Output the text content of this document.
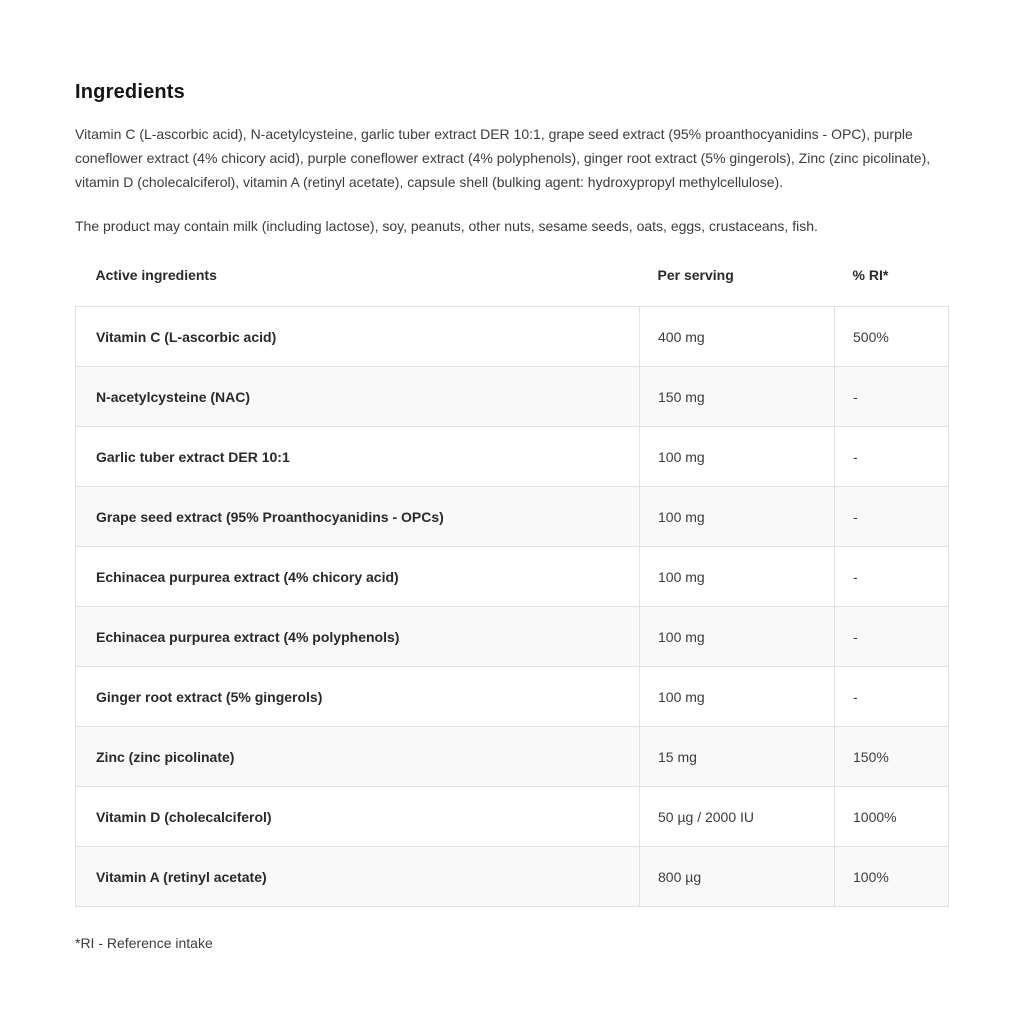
Ingredients

Vitamin C (L-ascorbic acid), N-acetylcysteine, garlic tuber extract DER 10:1, grape seed extract (95% proanthocyanidins - OPC), purple coneflower extract (4% chicory acid), purple coneflower extract (4% polyphenols), ginger root extract (5% gingerols), Zinc (zinc picolinate), vitamin D (cholecalciferol), vitamin A (retinyl acetate), capsule shell (bulking agent: hydroxypropyl methylcellulose).

The product may contain milk (including lactose), soy, peanuts, other nuts, sesame seeds, oats, eggs, crustaceans, fish.

Active ingredients	Per serving	% RI*
Vitamin C (L-ascorbic acid)	400 mg	500%
N-acetylcysteine (NAC)	150 mg	-
Garlic tuber extract DER 10:1	100 mg	-
Grape seed extract (95% Proanthocyanidins - OPCs)	100 mg	-
Echinacea purpurea extract (4% chicory acid)	100 mg	-
Echinacea purpurea extract (4% polyphenols)	100 mg	-
Ginger root extract (5% gingerols)	100 mg	-
Zinc (zinc picolinate)	15 mg	150%
Vitamin D (cholecalciferol)	50 µg / 2000 IU	1000%
Vitamin A (retinyl acetate)	800 µg	100%

*RI - Reference intake
